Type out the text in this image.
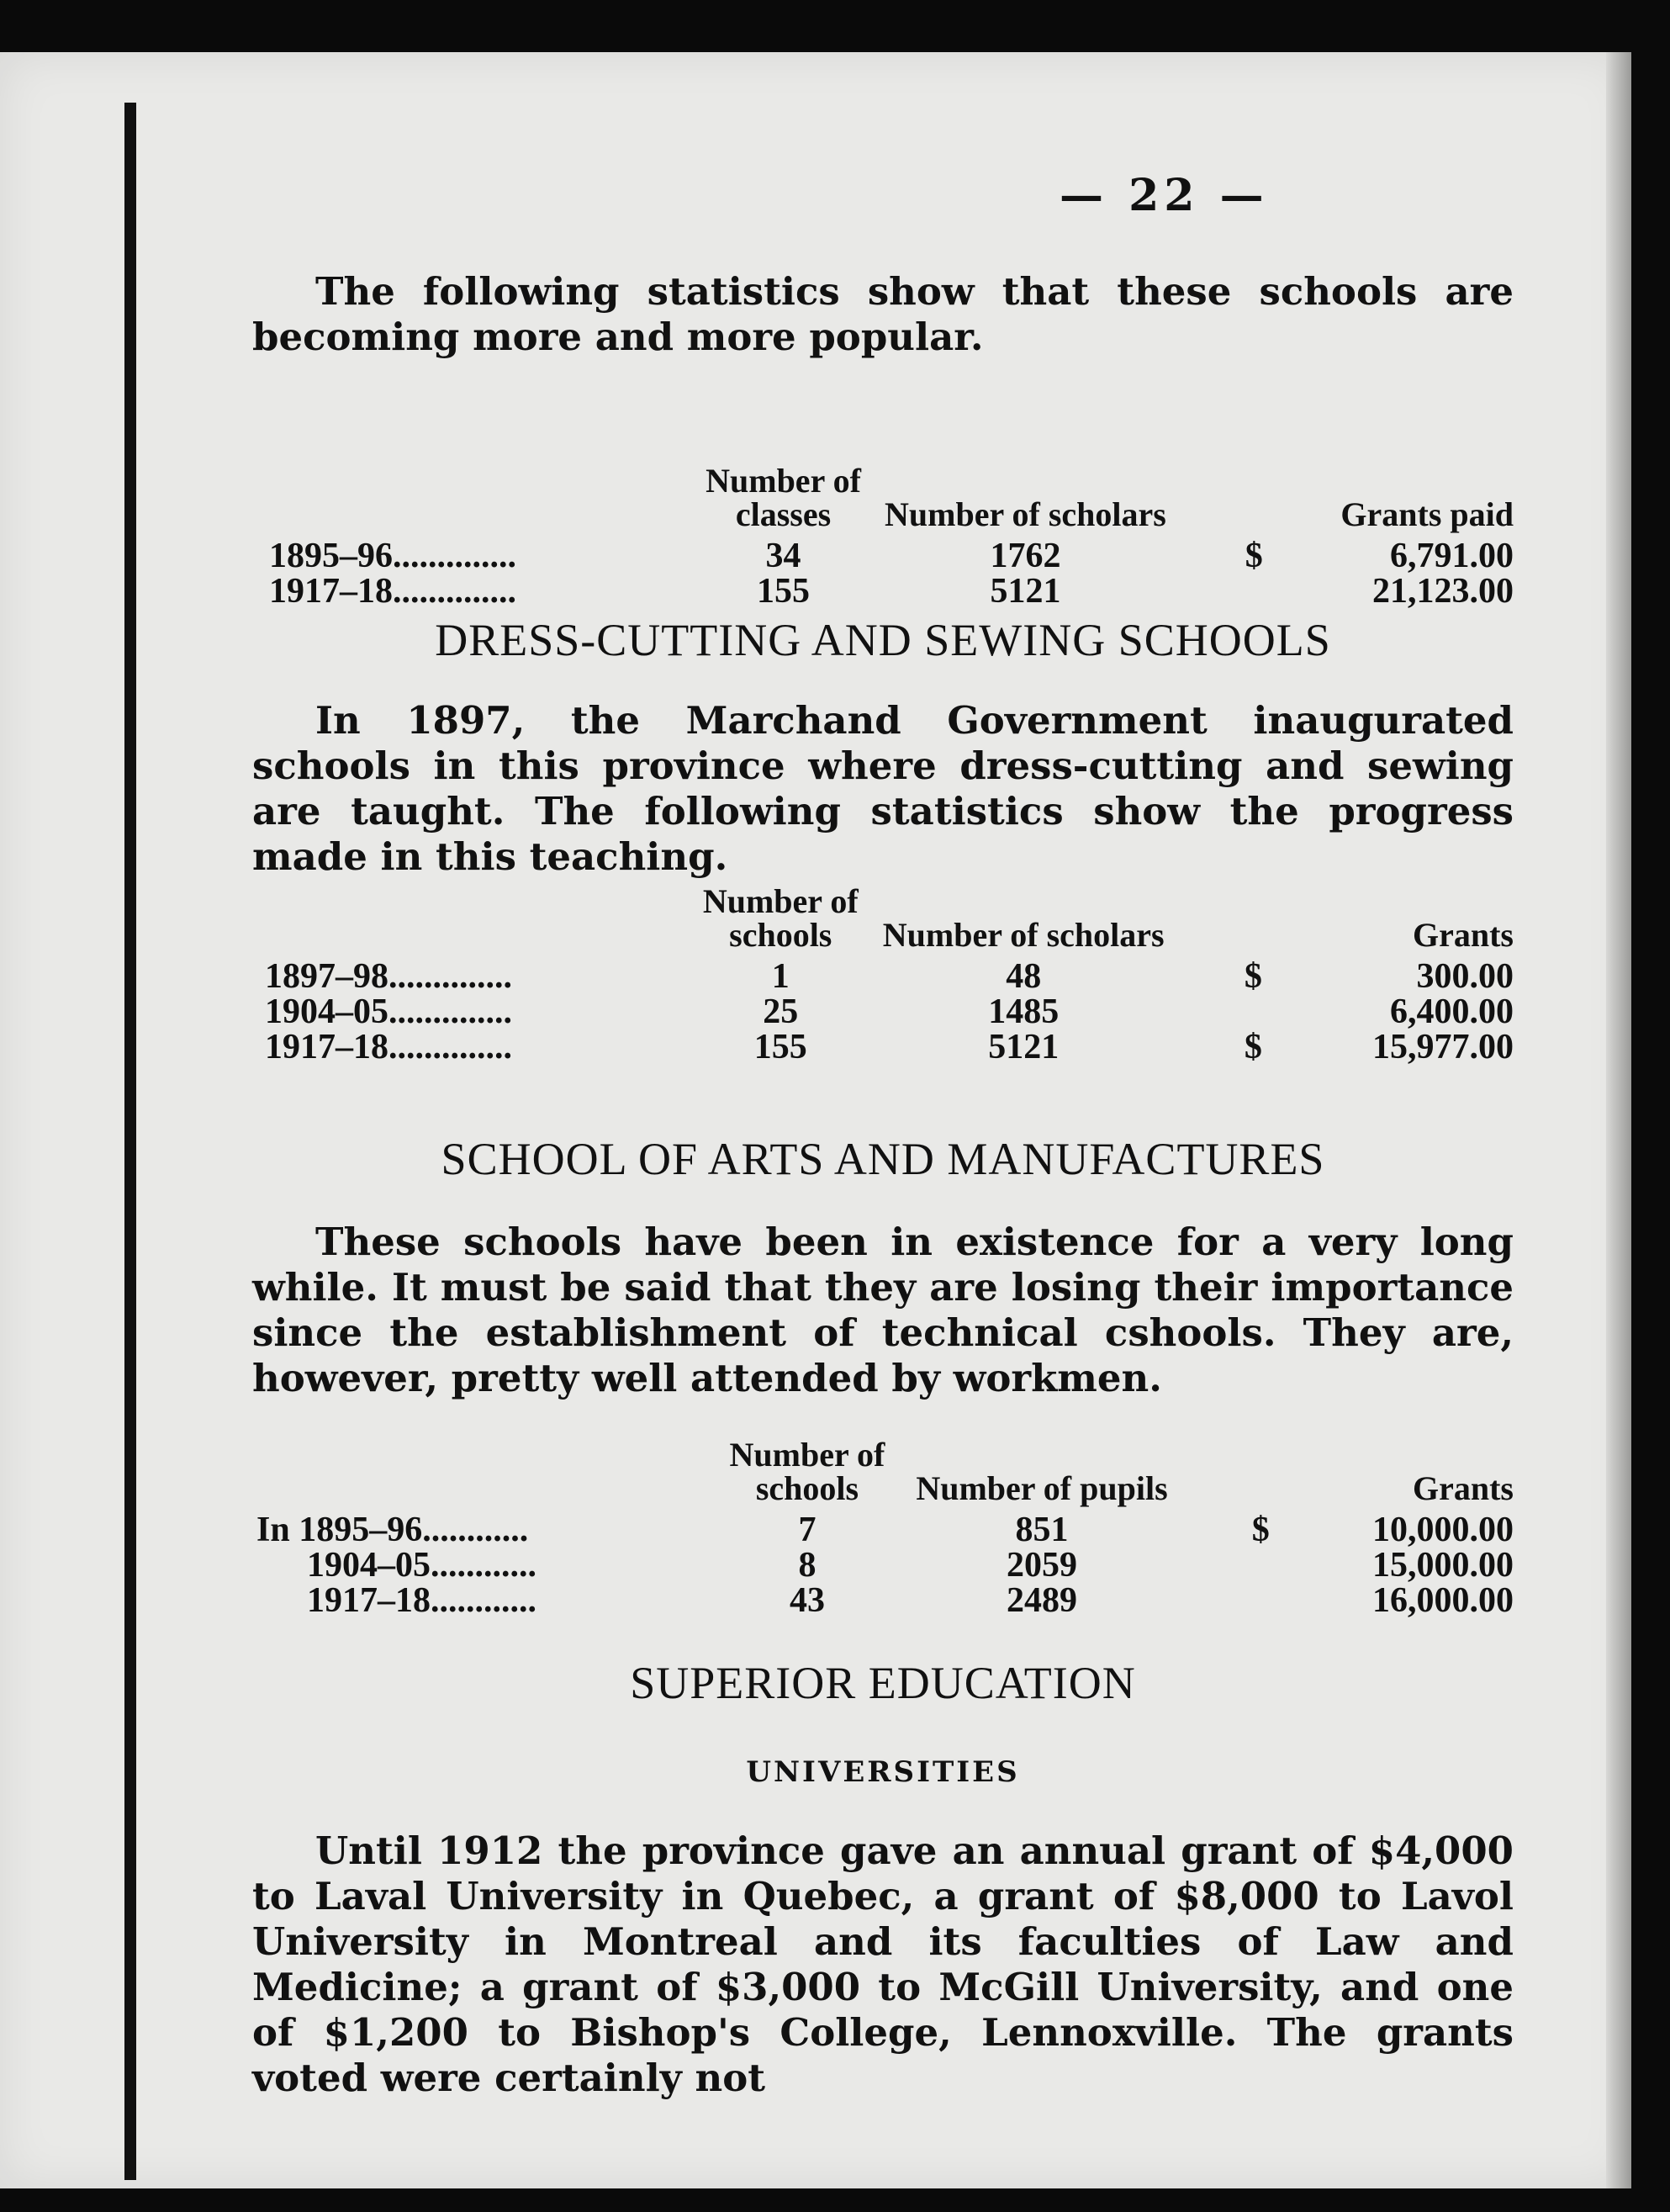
— 22 —

The following statistics show that these schools are becoming more and more popular.

	Number of classes	Number of scholars		Grants paid
1895–96..............	34	1762	$	6,791.00
1917–18..............	155	5121		21,123.00
DRESS-CUTTING AND SEWING SCHOOLS

In 1897, the Marchand Government inaugurated schools in this province where dress-cutting and sewing are taught. The following statistics show the progress made in this teaching.

	Number of schools	Number of scholars		Grants
1897–98..............	1	48	$	300.00
1904–05..............	25	1485		6,400.00
1917–18..............	155	5121	$	15,977.00
SCHOOL OF ARTS AND MANUFACTURES

These schools have been in existence for a very long while. It must be said that they are losing their importance since the establishment of technical cshools. They are, however, pretty well attended by workmen.

	Number of schools	Number of pupils		Grants
In 1895–96............	7	851	$	10,000.00
1904–05............	8	2059		15,000.00
1917–18............	43	2489		16,000.00
SUPERIOR EDUCATION
UNIVERSITIES

Until 1912 the province gave an annual grant of $4,000 to Laval University in Quebec, a grant of $8,000 to Lavol University in Montreal and its faculties of Law and Medicine; a grant of $3,000 to McGill University, and one of $1,200 to Bishop's College, Lennoxville. The grants voted were certainly not
